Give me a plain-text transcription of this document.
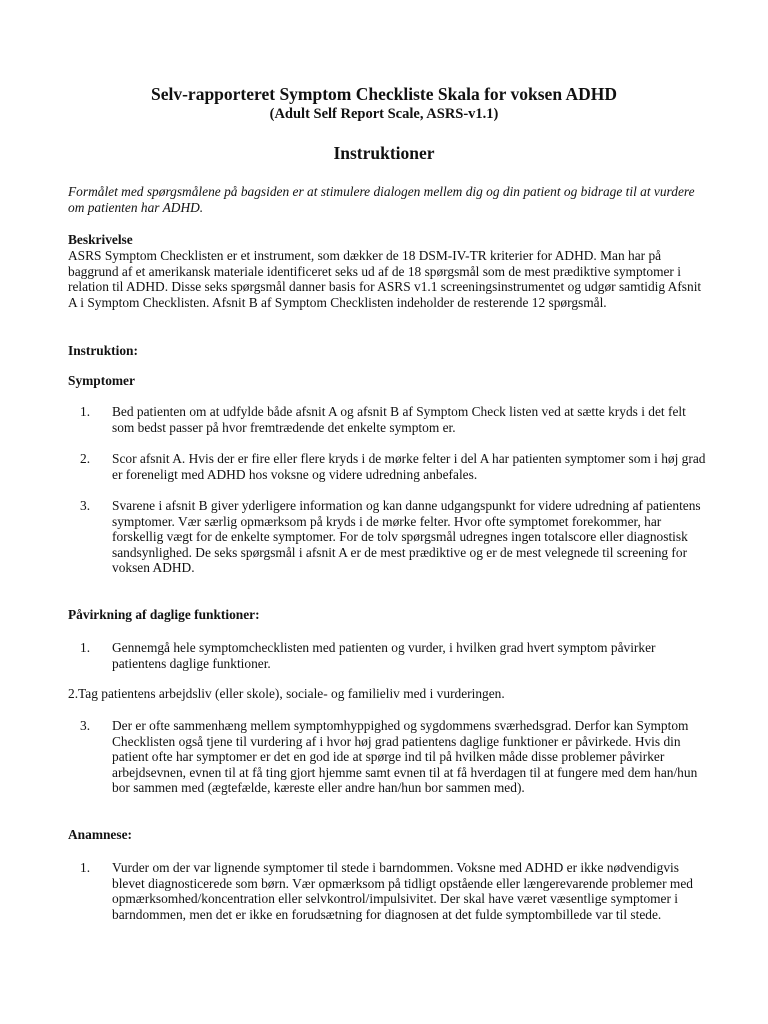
Selv-rapporteret Symptom Checkliste Skala for voksen ADHD
(Adult Self Report Scale, ASRS-v1.1)
Instruktioner
Formålet med spørgsmålene på bagsiden er at stimulere dialogen mellem dig og din patient og bidrage til at vurdere om patienten har ADHD.
Beskrivelse
ASRS Symptom Checklisten er et instrument, som dækker de 18 DSM-IV-TR kriterier for ADHD. Man har på baggrund af et amerikansk materiale identificeret seks ud af de 18 spørgsmål som de mest prædiktive symptomer i relation til ADHD. Disse seks spørgsmål danner basis for ASRS v1.1 screeningsinstrumentet og udgør samtidig Afsnit A i Symptom Checklisten. Afsnit B af Symptom Checklisten indeholder de resterende 12 spørgsmål.
Instruktion:
Symptomer
1. Bed patienten om at udfylde både afsnit A og afsnit B af Symptom Check listen ved at sætte kryds i det felt som bedst passer på hvor fremtrædende det enkelte symptom er.
2. Scor afsnit A. Hvis der er fire eller flere kryds i de mørke felter i del A har patienten symptomer som i høj grad er foreneligt med ADHD hos voksne og videre udredning anbefales.
3. Svarene i afsnit B giver yderligere information og kan danne udgangspunkt for videre udredning af patientens symptomer. Vær særlig opmærksom på kryds i de mørke felter. Hvor ofte symptomet forekommer, har forskellig vægt for de enkelte symptomer. For de tolv spørgsmål udregnes ingen totalscore eller diagnostisk sandsynlighed. De seks spørgsmål i afsnit A er de mest prædiktive og er de mest velegnede til screening for voksen ADHD.
Påvirkning af daglige funktioner:
1. Gennemgå hele symptomchecklisten med patienten og vurder, i hvilken grad hvert symptom påvirker patientens daglige funktioner.
2.Tag patientens arbejdsliv (eller skole), sociale- og familieliv med i vurderingen.
3. Der er ofte sammenhæng mellem symptomhyppighed og sygdommens sværhedsgrad. Derfor kan Symptom Checklisten også tjene til vurdering af i hvor høj grad patientens daglige funktioner er påvirkede. Hvis din patient ofte har symptomer er det en god ide at spørge ind til på hvilken måde disse problemer påvirker arbejdsevnen, evnen til at få ting gjort hjemme samt evnen til at få hverdagen til at fungere med dem han/hun bor sammen med (ægtefælde, kæreste eller andre han/hun bor sammen med).
Anamnese:
1. Vurder om der var lignende symptomer til stede i barndommen. Voksne med ADHD er ikke nødvendigvis blevet diagnosticerede som børn. Vær opmærksom på tidligt opstående eller længerevarende problemer med opmærksomhed/koncentration eller selvkontrol/impulsivitet. Der skal have været væsentlige symptomer i barndommen, men det er ikke en forudsætning for diagnosen at det fulde symptombillede var til stede.
